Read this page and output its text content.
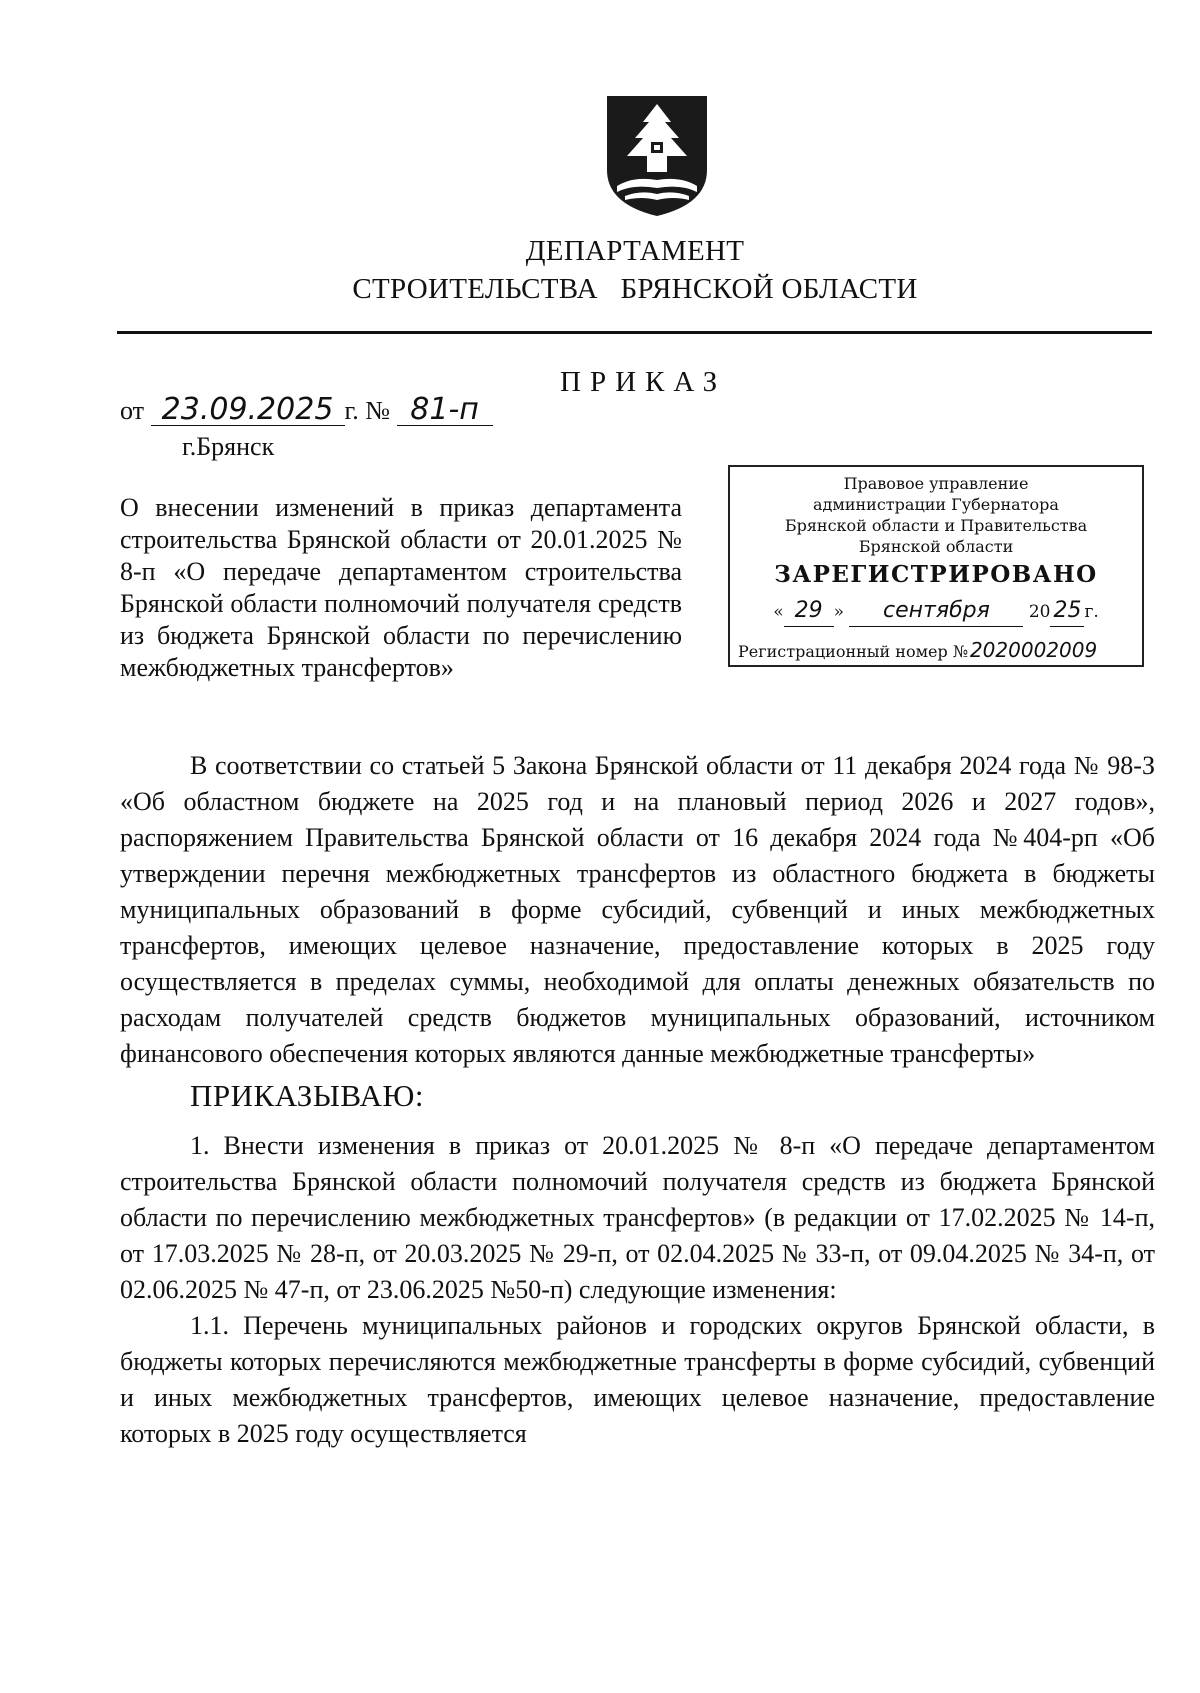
ДЕПАРТАМЕНТ
СТРОИТЕЛЬСТВА   БРЯНСКОЙ ОБЛАСТИ
ПРИКАЗ
от 23.09.2025 г. № 81-п
г.Брянск

О внесении изменений в приказ департамента строительства Брянской области от 20.01.2025 № 8-п «О передаче департаментом строительства Брянской области полномочий получателя средств из бюджета Брянской области по перечислению межбюджетных трансфертов»

Правовое управление
администрации Губернатора
Брянской области и Правительства
Брянской области
ЗАРЕГИСТРИРОВАНО
« 29 » сентября 20 25 г.
Регистрационный номер № 2020002009

В соответствии со статьей 5 Закона Брянской области от 11 декабря 2024 года № 98-З «Об областном бюджете на 2025 год и на плановый период 2026 и 2027 годов», распоряжением Правительства Брянской области от 16 декабря 2024 года №404-рп «Об утверждении перечня межбюджетных трансфертов из областного бюджета в бюджеты муниципальных образований в форме субсидий, субвенций и иных межбюджетных трансфертов, имеющих целевое назначение, предоставление которых в 2025 году осуществляется в пределах суммы, необходимой для оплаты денежных обязательств по расходам получателей средств бюджетов муниципальных образований, источником финансового обеспечения которых являются данные межбюджетные трансферты»

ПРИКАЗЫВАЮ:

1. Внести изменения в приказ от 20.01.2025 № 8-п «О передаче департаментом строительства Брянской области полномочий получателя средств из бюджета Брянской области по перечислению межбюджетных трансфертов» (в редакции от 17.02.2025 № 14-п, от 17.03.2025 № 28-п, от 20.03.2025 № 29-п, от 02.04.2025 № 33-п, от 09.04.2025 № 34-п, от 02.06.2025 № 47-п, от 23.06.2025 №50-п) следующие изменения:

1.1. Перечень муниципальных районов и городских округов Брянской области, в бюджеты которых перечисляются межбюджетные трансферты в форме субсидий, субвенций и иных межбюджетных трансфертов, имеющих целевое назначение, предоставление которых в 2025 году осуществляется
